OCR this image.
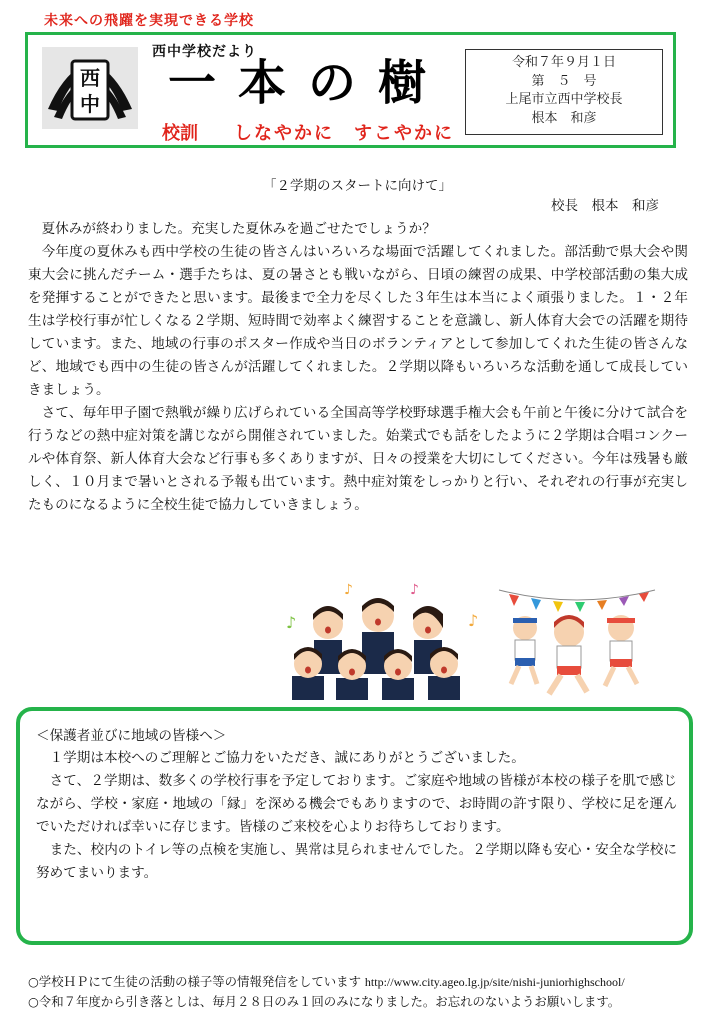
未来への飛躍を実現できる学校
西
中
西中学校だより
一本の樹
校訓 しなやかに　すこやかに
令和７年９月１日
第　５　号
上尾市立西中学校長
根本　和彦
「２学期のスタートに向けて」
校長　根本　和彦

夏休みが終わりました。充実した夏休みを過ごせたでしょうか？

今年度の夏休みも西中学校の生徒の皆さんはいろいろな場面で活躍してくれました。部活動で県大会や関東大会に挑んだチーム・選手たちは、夏の暑さとも戦いながら、日頃の練習の成果、中学校部活動の集大成を発揮することができたと思います。最後まで全力を尽くした３年生は本当によく頑張りました。１・２年生は学校行事が忙しくなる２学期、短時間で効率よく練習することを意識し、新人体育大会での活躍を期待しています。また、地域の行事のポスター作成や当日のボランティアとして参加してくれた生徒の皆さんなど、地域でも西中の生徒の皆さんが活躍してくれました。２学期以降もいろいろな活動を通して成長していきましょう。

さて、毎年甲子園で熱戦が繰り広げられている全国高等学校野球選手権大会も午前と午後に分けて試合を行うなどの熱中症対策を講じながら開催されていました。始業式でも話をしたように２学期は合唱コンクールや体育祭、新人体育大会など行事も多くありますが、日々の授業を大切にしてください。今年は残暑も厳しく、１０月まで暑いとされる予報も出ています。熱中症対策をしっかりと行い、それぞれの行事が充実したものになるように全校生徒で協力していきましょう。

♪
♪	♪
♪
＜保護者並びに地域の皆様へ＞

１学期は本校へのご理解とご協力をいただき、誠にありがとうございました。

さて、２学期は、数多くの学校行事を予定しております。ご家庭や地域の皆様が本校の様子を肌で感じながら、学校・家庭・地域の「縁」を深める機会でもありますので、お時間の許す限り、学校に足を運んでいただければ幸いに存じます。皆様のご来校を心よりお待ちしております。

また、校内のトイレ等の点検を実施し、異常は見られませんでした。２学期以降も安心・安全な学校に努めてまいります。

○学校ＨＰにて生徒の活動の様子等の情報発信をしています http://www.city.ageo.lg.jp/site/nishi-juniorhighschool/
○令和７年度から引き落としは、毎月２８日のみ１回のみになりました。お忘れのないようお願いします。
